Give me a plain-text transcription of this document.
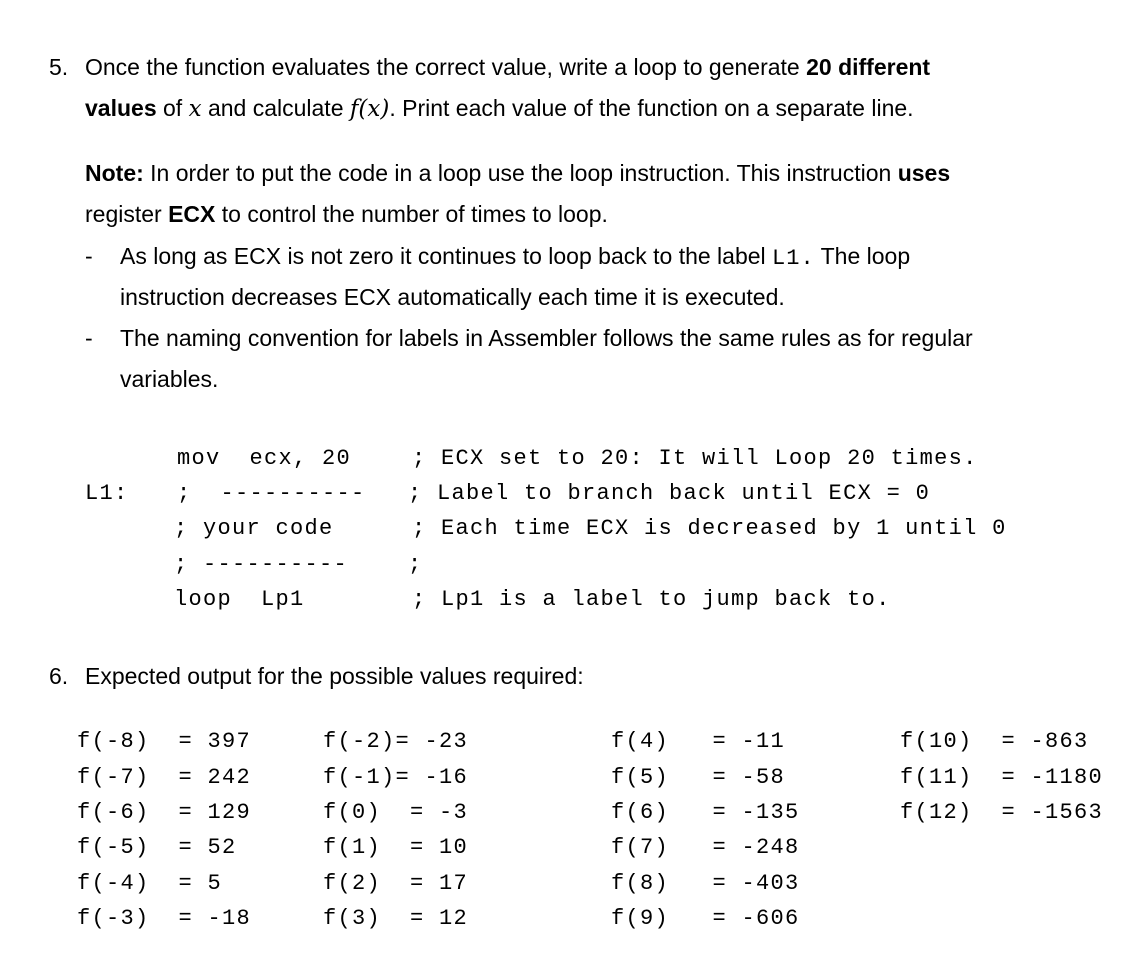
5. Once the function evaluates the correct value, write a loop to generate 20 different
values of x and calculate f(x). Print each value of the function on a separate line.
Note: In order to put the code in a loop use the loop instruction. This instruction uses
register ECX to control the number of times to loop.
- As long as ECX is not zero it continues to loop back to the label L1. The loop
instruction decreases ECX automatically each time it is executed.
- The naming convention for labels in Assembler follows the same rules as for regular
variables.
mov  ecx, 20	; ECX set to 20: It will Loop 20 times.
L1: ;  ---------- ; Label to branch back until ECX = 0
; your code	; Each time ECX is decreased by 1 until 0
; ----------	;
loop  Lp1	; Lp1 is a label to jump back to.
6. Expected output for the possible values required:
f(-8)  = 397
f(-7)  = 242
f(-6)  = 129
f(-5)  = 52
f(-4)  = 5
f(-3)  = -18
f(-2)= -23
f(-1)= -16
f(0)  = -3
f(1)  = 10
f(2)  = 17
f(3)  = 12
f(4)   = -11
f(5)   = -58
f(6)   = -135
f(7)   = -248
f(8)   = -403
f(9)   = -606
f(10)  = -863
f(11)  = -1180
f(12)  = -1563
